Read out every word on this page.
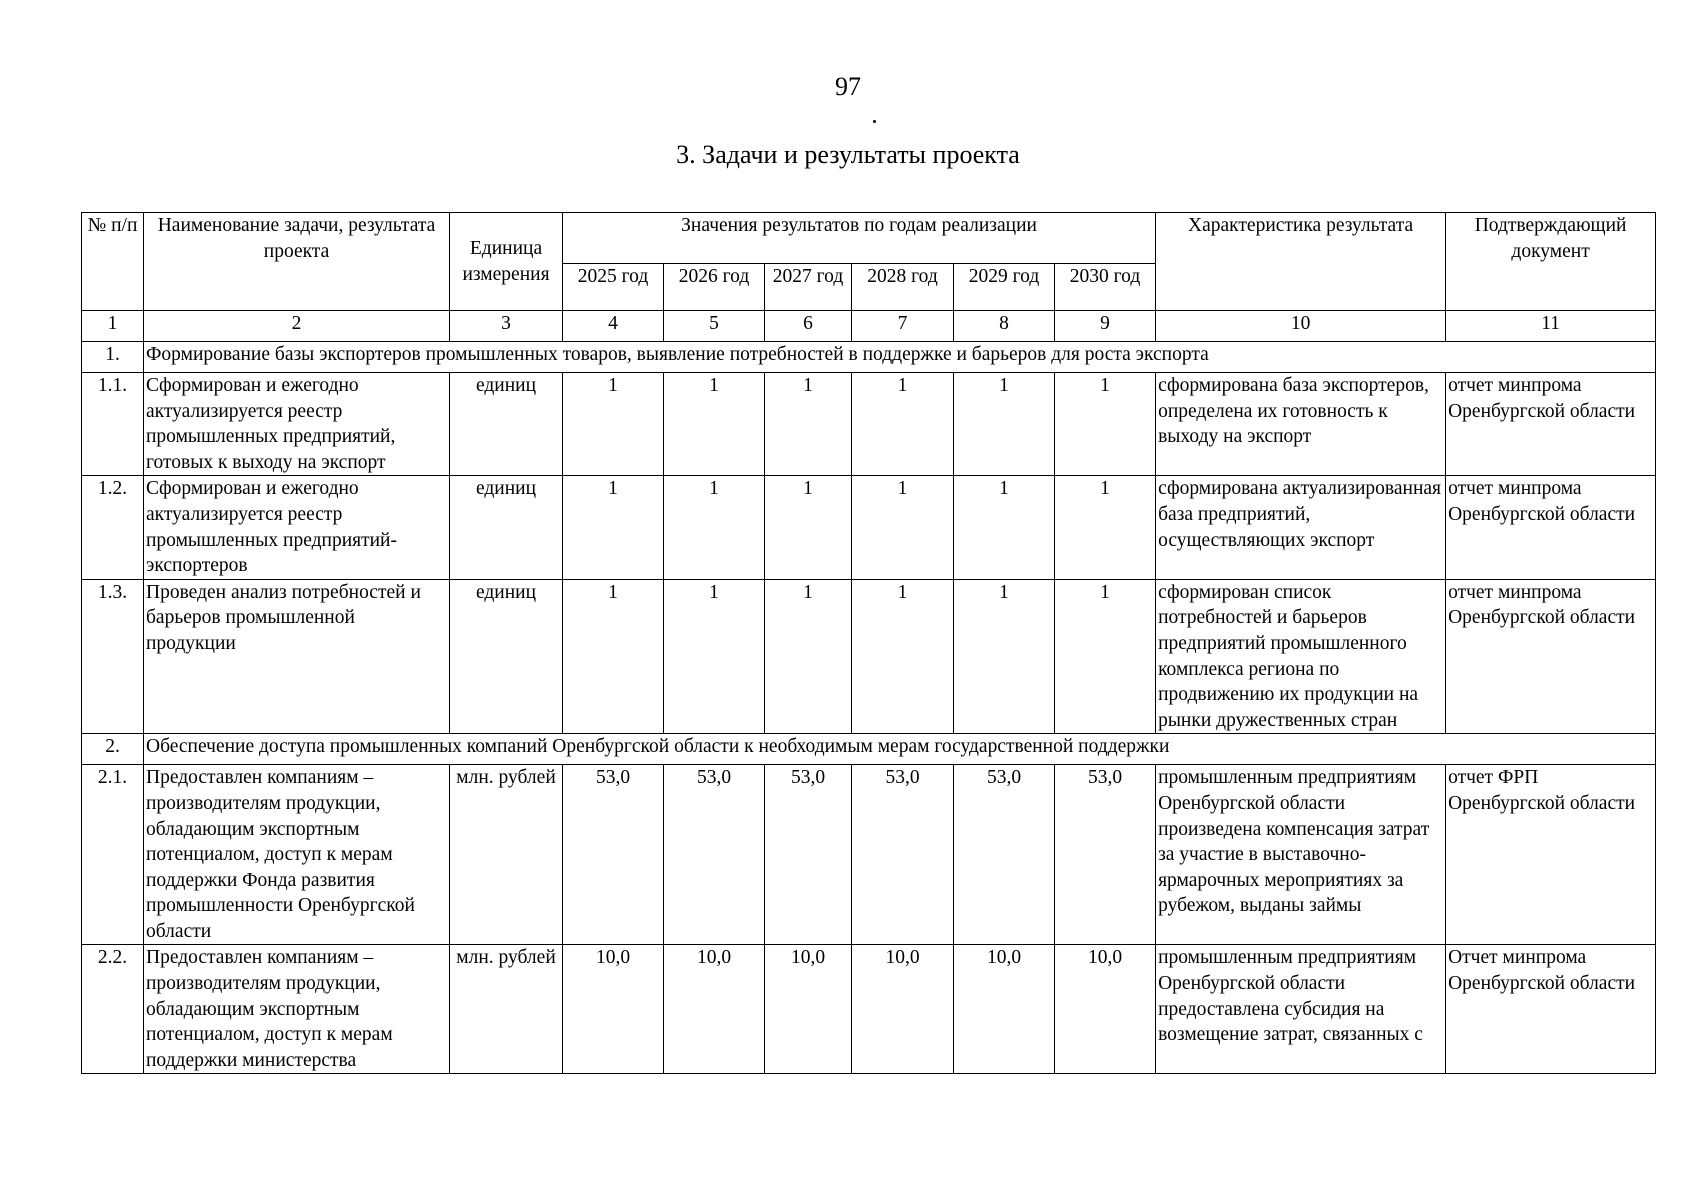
97
3. Задачи и результаты проекта
№ п/п	Наименование задачи, результата проекта	Единица измерения	Значения результатов по годам реализации						Характеристика результата	Подтверждающий документ
			2025 год	2026 год	2027 год	2028 год	2029 год	2030 год		
1	2	3	4	5	6	7	8	9	10	11
1.	Формирование базы экспортеров промышленных товаров, выявление потребностей в поддержке и барьеров для роста экспорта									
1.1.	Сформирован и ежегодно актуализируется реестр промышленных предприятий, готовых к выходу на экспорт	единиц	1	1	1	1	1	1	сформирована база экспортеров, определена их готовность к выходу на экспорт	отчет минпрома Оренбургской области
1.2.	Сформирован и ежегодно актуализируется реестр промышленных предприятий-экспортеров	единиц	1	1	1	1	1	1	сформирована актуализированная база предприятий, осуществляющих экспорт	отчет минпрома Оренбургской области
1.3.	Проведен анализ потребностей и барьеров промышленной продукции	единиц	1	1	1	1	1	1	сформирован список потребностей и барьеров предприятий промышленного комплекса региона по продвижению их продукции на рынки дружественных стран	отчет минпрома Оренбургской области
2.	Обеспечение доступа промышленных компаний Оренбургской области к необходимым мерам государственной поддержки									
2.1.	Предоставлен компаниям – производителям продукции, обладающим экспортным потенциалом, доступ к мерам поддержки Фонда развития промышленности Оренбургской области	млн. рублей	53,0	53,0	53,0	53,0	53,0	53,0	промышленным предприятиям Оренбургской области произведена компенсация затрат за участие в выставочно-ярмарочных мероприятиях за рубежом, выданы займы	отчет ФРП Оренбургской области
2.2.	Предоставлен компаниям – производителям продукции, обладающим экспортным потенциалом, доступ к мерам поддержки министерства	млн. рублей	10,0	10,0	10,0	10,0	10,0	10,0	промышленным предприятиям Оренбургской области предоставлена субсидия на возмещение затрат, связанных с	Отчет минпрома Оренбургской области
